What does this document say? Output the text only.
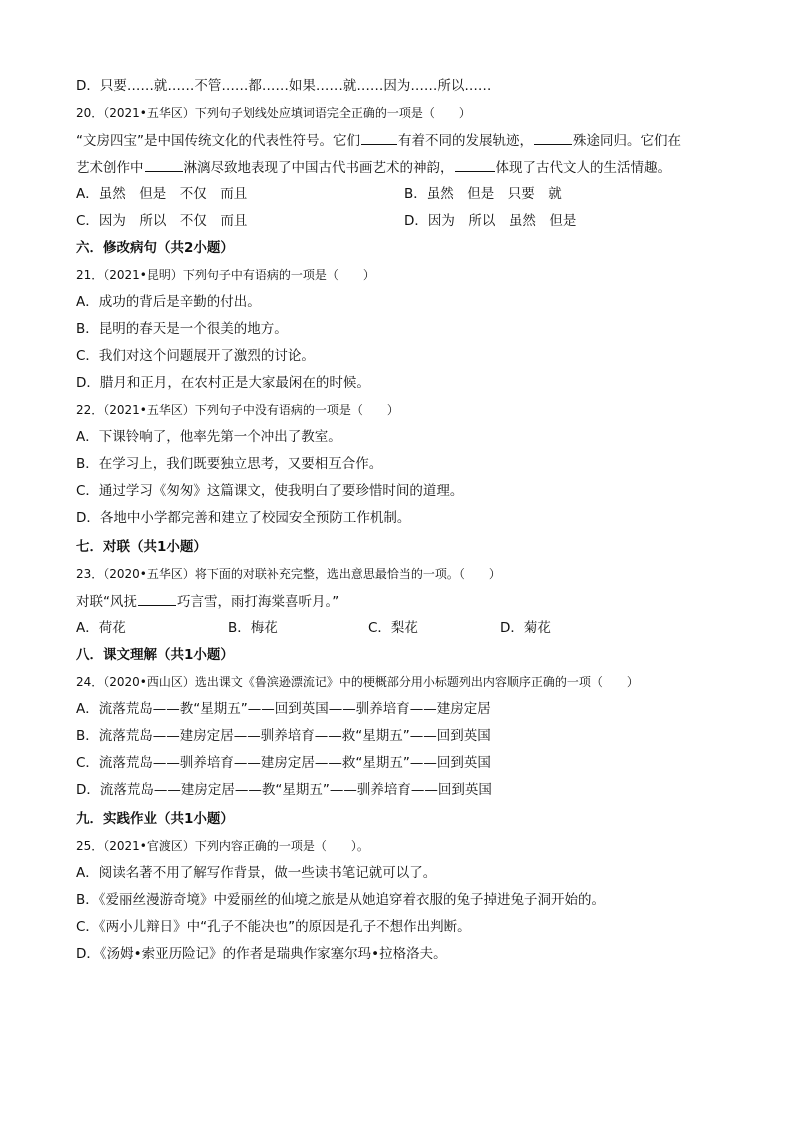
D．只要……就……不管……都……如果……就……因为……所以……
20．（2021•五华区）下列句子划线处应填词语完全正确的一项是（　　）
“文房四宝”是中国传统文化的代表性符号。它们	有着不同的发展轨迹，	殊途同归。它们在
艺术创作中	淋漓尽致地表现了中国古代书画艺术的神韵，	体现了古代文人的生活情趣。
A．虽然　但是　不仅　而且	B．虽然　但是　只要　就
C．因为　所以　不仅　而且	D．因为　所以　虽然　但是
六．修改病句（共2小题）
21．（2021•昆明）下列句子中有语病的一项是（　　）
A．成功的背后是辛勤的付出。
B．昆明的春天是一个很美的地方。
C．我们对这个问题展开了激烈的讨论。
D．腊月和正月，在农村正是大家最闲在的时候。
22．（2021•五华区）下列句子中没有语病的一项是（　　）
A．下课铃响了，他率先第一个冲出了教室。
B．在学习上，我们既要独立思考，又要相互合作。
C．通过学习《匆匆》这篇课文，使我明白了要珍惜时间的道理。
D．各地中小学都完善和建立了校园安全预防工作机制。
七．对联（共1小题）
23．（2020•五华区）将下面的对联补充完整，选出意思最恰当的一项。（　　）
对联“风抚	巧言雪，雨打海棠喜听月。”
A．荷花	B．梅花	C．梨花	D．菊花
八．课文理解（共1小题）
24．（2020•西山区）选出课文《鲁滨逊漂流记》中的梗概部分用小标题列出内容顺序正确的一项（　　）
A．流落荒岛——教“星期五”——回到英国——驯养培育——建房定居
B．流落荒岛——建房定居——驯养培育——救“星期五”——回到英国
C．流落荒岛——驯养培育——建房定居——救“星期五”——回到英国
D．流落荒岛——建房定居——教“星期五”——驯养培育——回到英国
九．实践作业（共1小题）
25．（2021•官渡区）下列内容正确的一项是（　　）。
A．阅读名著不用了解写作背景，做一些读书笔记就可以了。
B．《爱丽丝漫游奇境》中爱丽丝的仙境之旅是从她追穿着衣服的兔子掉进兔子洞开始的。
C．《两小儿辩日》中“孔子不能决也”的原因是孔子不想作出判断。
D．《汤姆•索亚历险记》的作者是瑞典作家塞尔玛•拉格洛夫。
